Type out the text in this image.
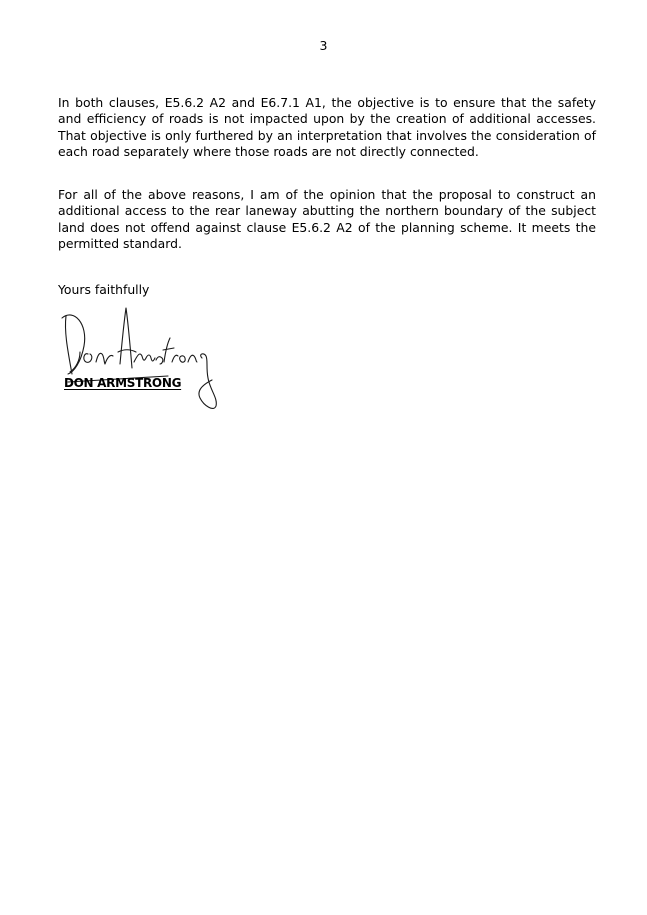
3

In both clauses, E5.6.2 A2 and E6.7.1 A1, the objective is to ensure that the safety and efficiency of roads is not impacted upon by the creation of additional accesses. That objective is only furthered by an interpretation that involves the consideration of each road separately where those roads are not directly connected.

For all of the above reasons, I am of the opinion that the proposal to construct an additional access to the rear laneway abutting the northern boundary of the subject land does not offend against clause E5.6.2 A2 of the planning scheme. It meets the permitted standard.

Yours faithfully
DON ARMSTRONG
